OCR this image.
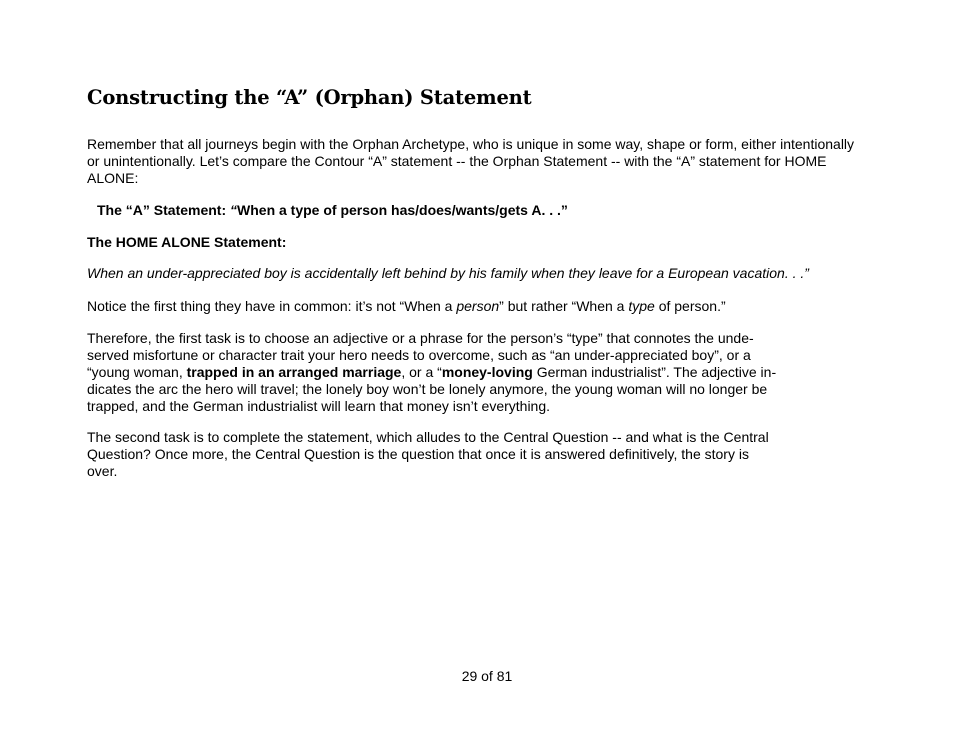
Constructing the “A” (Orphan) Statement

Remember that all journeys begin with the Orphan Archetype, who is unique in some way, shape or form, either intentionally
or unintentionally. Let’s compare the Contour “A” statement -- the Orphan Statement -- with the “A” statement for HOME
ALONE:

The “A” Statement: “When a type of person has/does/wants/gets A. . .”

The HOME ALONE Statement:

When an under-appreciated boy is accidentally left behind by his family when they leave for a European vacation. . .”

Notice the first thing they have in common: it’s not “When a person” but rather “When a type of person.”

Therefore, the first task is to choose an adjective or a phrase for the person’s “type” that connotes the unde-
served misfortune or character trait your hero needs to overcome, such as “an under-appreciated boy”, or a
“young woman, trapped in an arranged marriage, or a “money-loving German industrialist”. The adjective in-
dicates the arc the hero will travel; the lonely boy won’t be lonely anymore, the young woman will no longer be
trapped, and the German industrialist will learn that money isn’t everything.

The second task is to complete the statement, which alludes to the Central Question -- and what is the Central
Question? Once more, the Central Question is the question that once it is answered definitively, the story is
over.

29 of 81
